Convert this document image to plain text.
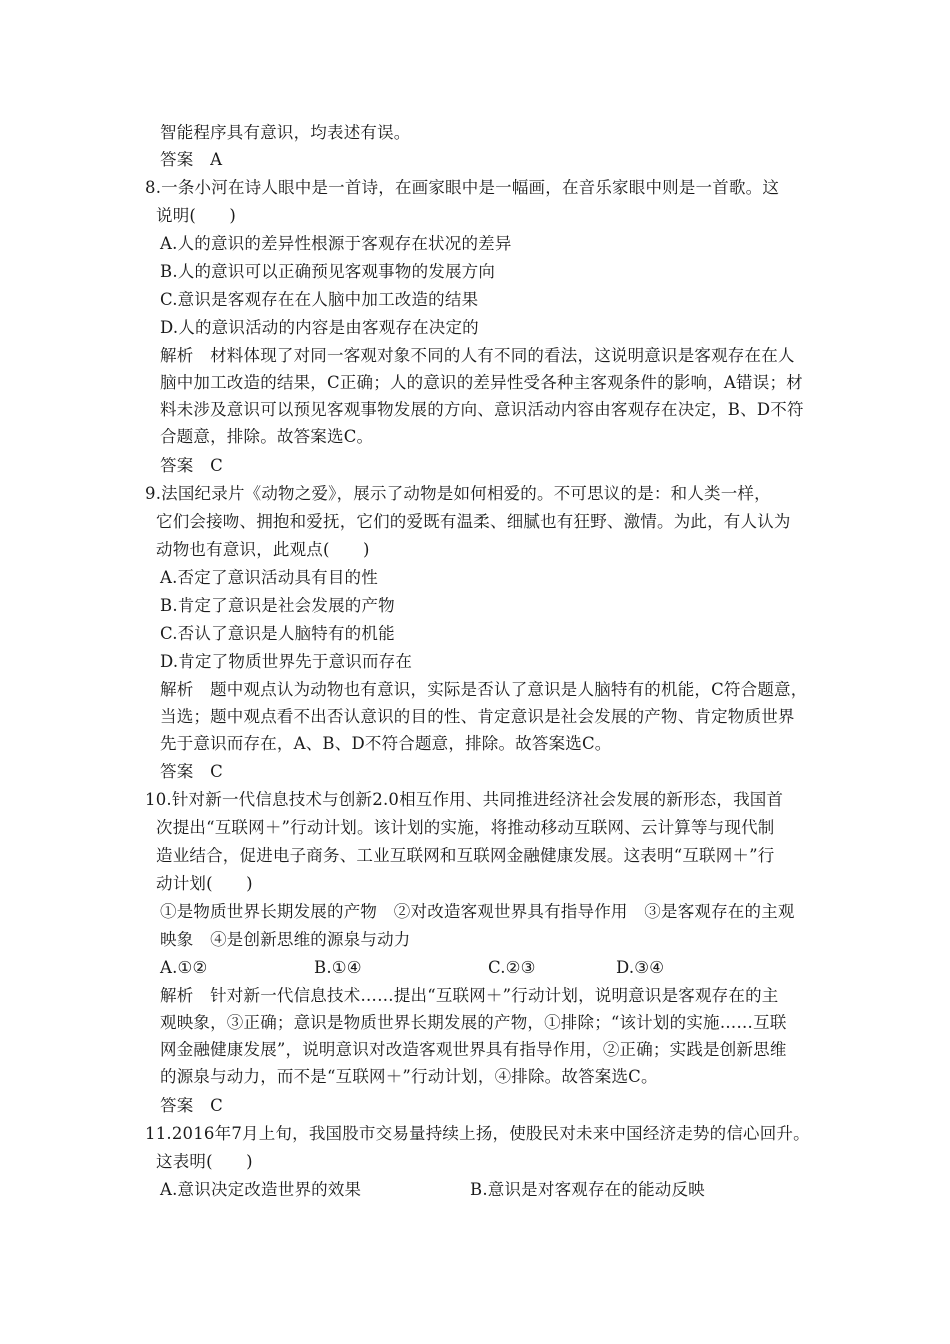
智能程序具有意识，均表述有误。
答案　A
8.一条小河在诗人眼中是一首诗，在画家眼中是一幅画，在音乐家眼中则是一首歌。这
说明(　　)
A.人的意识的差异性根源于客观存在状况的差异
B.人的意识可以正确预见客观事物的发展方向
C.意识是客观存在在人脑中加工改造的结果
D.人的意识活动的内容是由客观存在决定的
解析　材料体现了对同一客观对象不同的人有不同的看法，这说明意识是客观存在在人
脑中加工改造的结果，C正确；人的意识的差异性受各种主客观条件的影响，A错误；材
料未涉及意识可以预见客观事物发展的方向、意识活动内容由客观存在决定，B、D不符
合题意，排除。故答案选C。
答案　C
9.法国纪录片《动物之爱》，展示了动物是如何相爱的。不可思议的是：和人类一样，
它们会接吻、拥抱和爱抚，它们的爱既有温柔、细腻也有狂野、激情。为此，有人认为
动物也有意识，此观点(　　)
A.否定了意识活动具有目的性
B.肯定了意识是社会发展的产物
C.否认了意识是人脑特有的机能
D.肯定了物质世界先于意识而存在
解析　题中观点认为动物也有意识，实际是否认了意识是人脑特有的机能，C符合题意，
当选；题中观点看不出否认意识的目的性、肯定意识是社会发展的产物、肯定物质世界
先于意识而存在，A、B、D不符合题意，排除。故答案选C。
答案　C
10.针对新一代信息技术与创新2.0相互作用、共同推进经济社会发展的新形态，我国首
次提出“互联网＋”行动计划。该计划的实施，将推动移动互联网、云计算等与现代制
造业结合，促进电子商务、工业互联网和互联网金融健康发展。这表明“互联网＋”行
动计划(　　)
①是物质世界长期发展的产物　②对改造客观世界具有指导作用　③是客观存在的主观
映象　④是创新思维的源泉与动力
A.①②	B.①④	C.②③	D.③④
解析　针对新一代信息技术……提出“互联网＋”行动计划，说明意识是客观存在的主
观映象，③正确；意识是物质世界长期发展的产物，①排除；“该计划的实施……互联
网金融健康发展”，说明意识对改造客观世界具有指导作用，②正确；实践是创新思维
的源泉与动力，而不是“互联网＋”行动计划，④排除。故答案选C。
答案　C
11.2016年7月上旬，我国股市交易量持续上扬，使股民对未来中国经济走势的信心回升。
这表明(　　)
A.意识决定改造世界的效果	B.意识是对客观存在的能动反映
